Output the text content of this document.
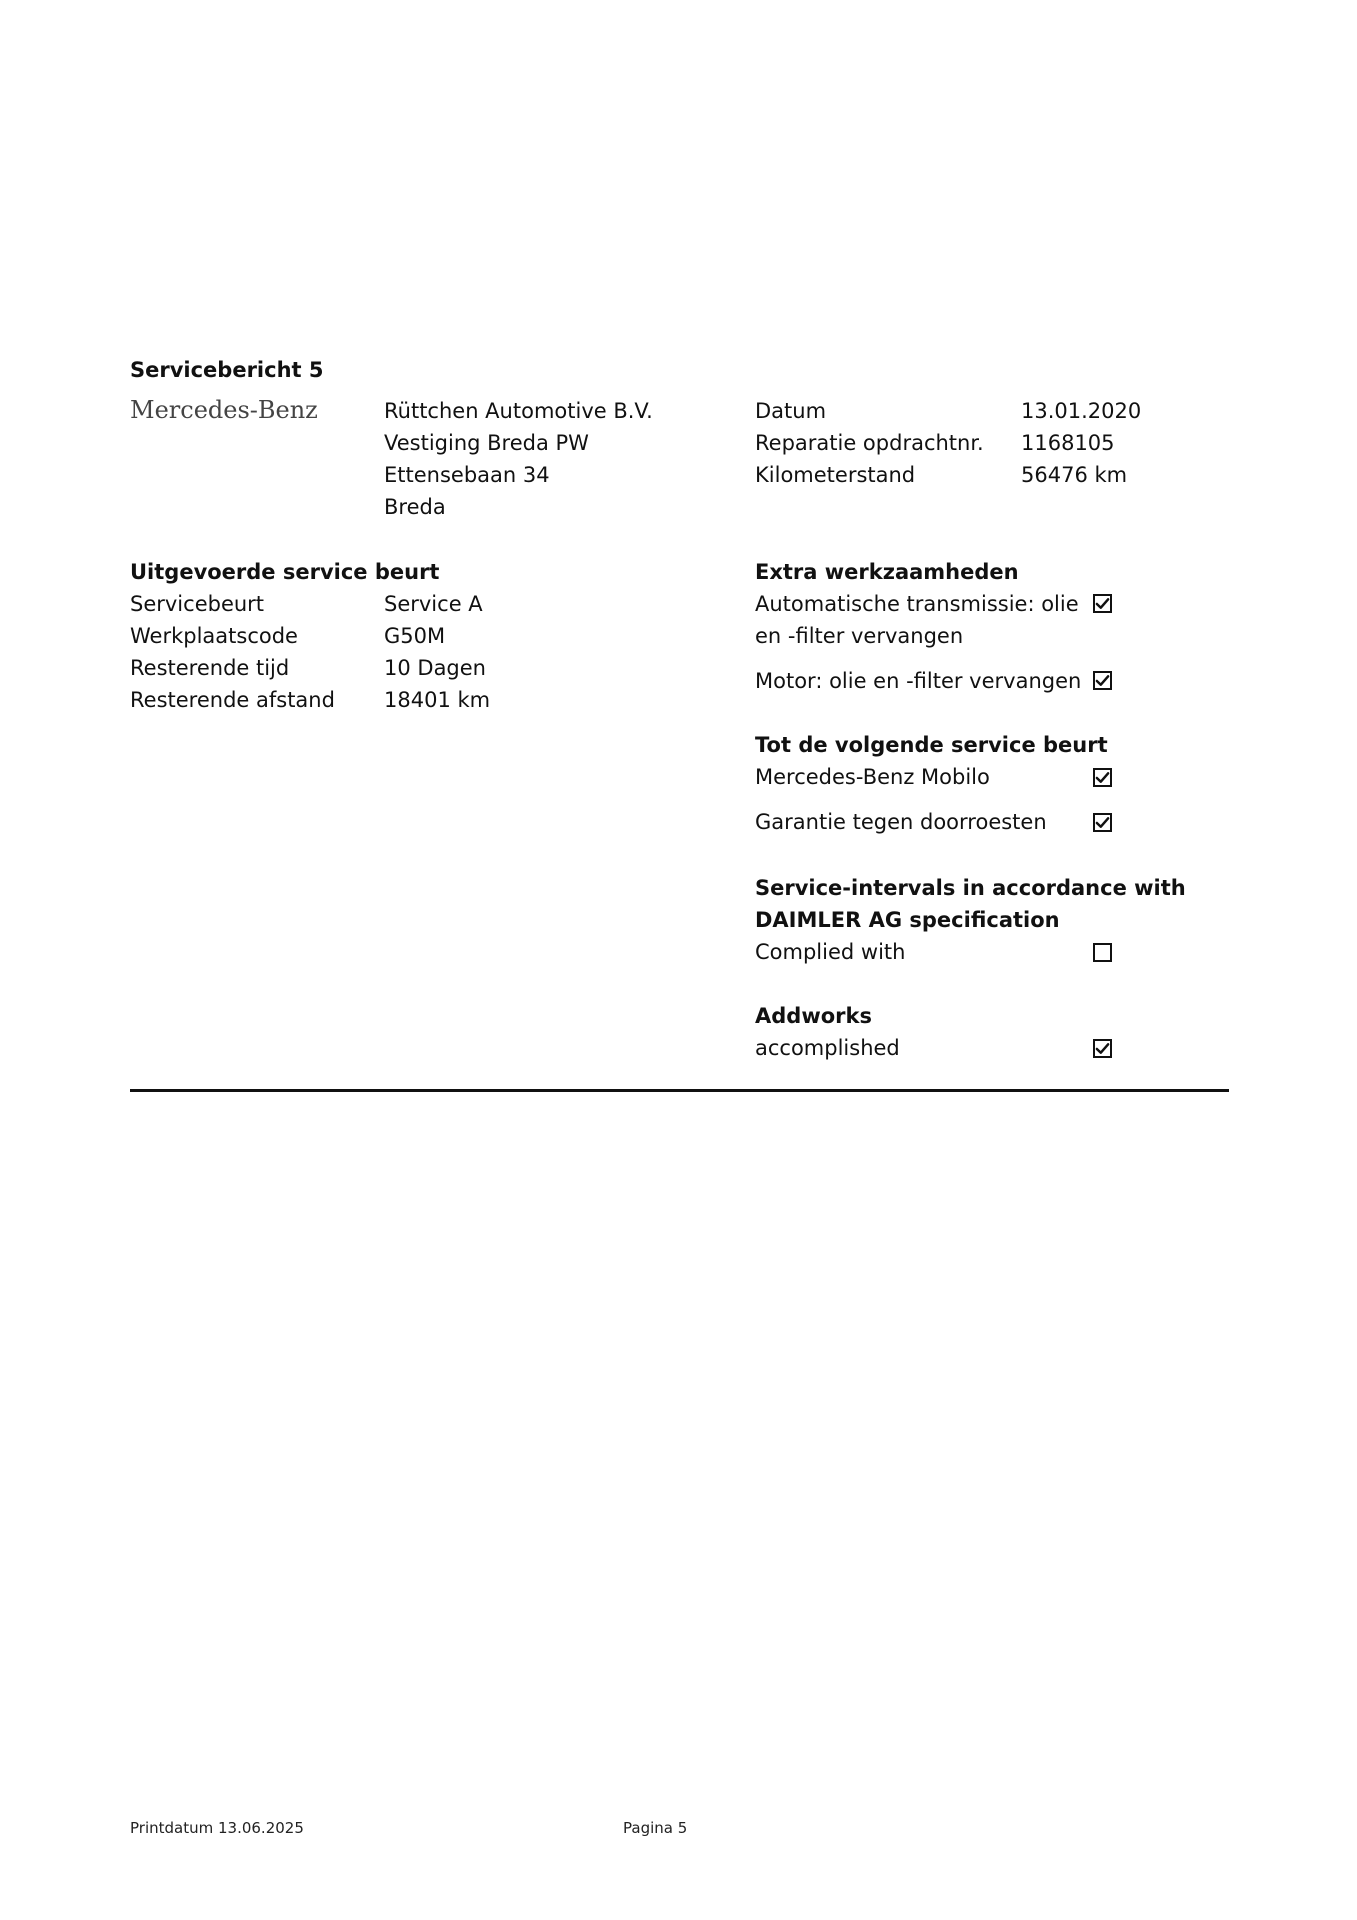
Servicebericht 5
Mercedes-Benz	Rüttchen Automotive B.V.
Vestiging Breda PW
Ettensebaan 34
Breda
Datum	13.01.2020
Reparatie opdrachtnr. 1168105
Kilometerstand	56476 km
Uitgevoerde service beurt
Servicebeurt	Service A
Werkplaatscode	G50M
Resterende tijd	10 Dagen
Resterende afstand 18401 km
Extra werkzaamheden
Automatische transmissie: olie
en -filter vervangen
Motor: olie en -filter vervangen
Tot de volgende service beurt
Mercedes-Benz Mobilo
Garantie tegen doorroesten
Service-intervals in accordance with
DAIMLER AG specification
Complied with
Addworks
accomplished
Printdatum 13.06.2025	Pagina 5
